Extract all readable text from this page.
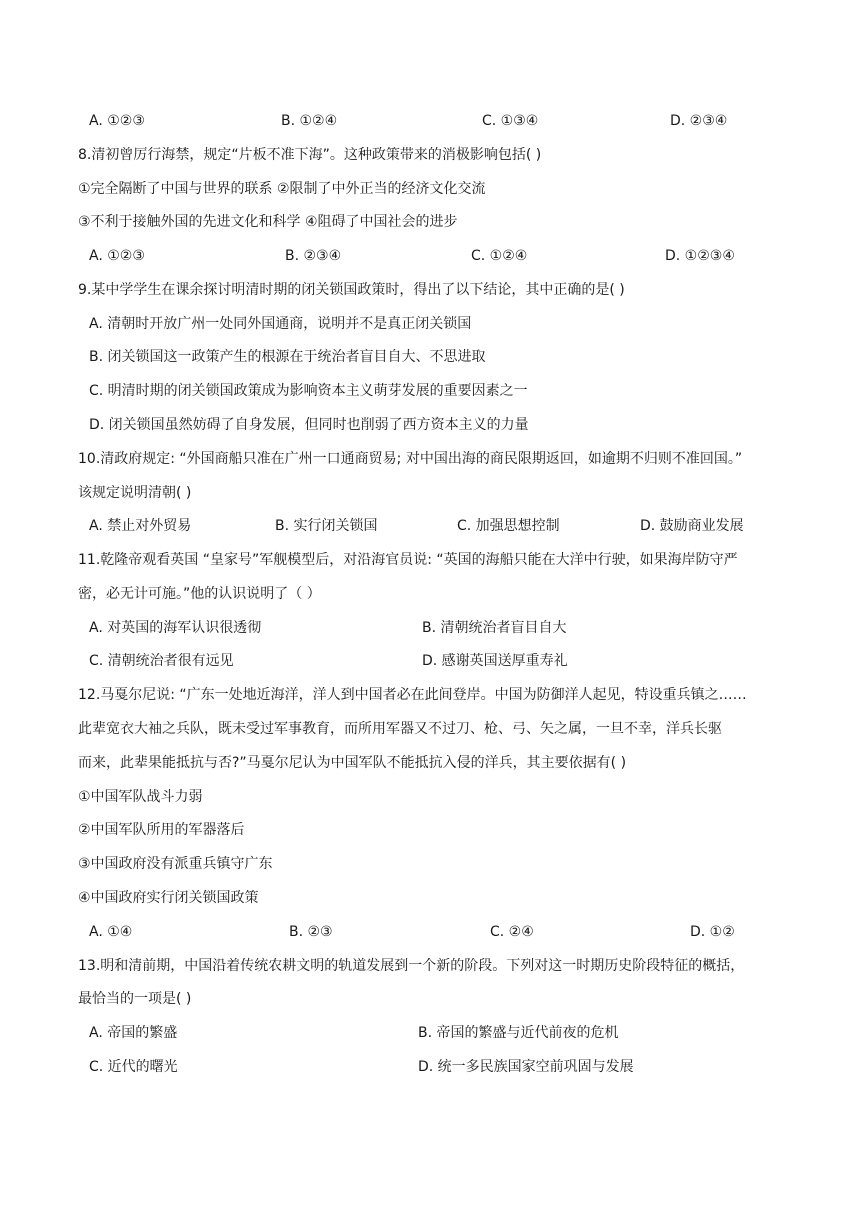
A. ①②③	B. ①②④	C. ①③④	D. ②③④
8.清初曾厉行海禁，规定“片板不准下海”。这种政策带来的消极影响包括( )
①完全隔断了中国与世界的联系 ②限制了中外正当的经济文化交流
③不利于接触外国的先进文化和科学 ④阻碍了中国社会的进步
A. ①②③	B. ②③④	C. ①②④	D. ①②③④
9.某中学学生在课余探讨明清时期的闭关锁国政策时，得出了以下结论，其中正确的是( )
A. 清朝时开放广州一处同外国通商，说明并不是真正闭关锁国
B. 闭关锁国这一政策产生的根源在于统治者盲目自大、不思进取
C. 明清时期的闭关锁国政策成为影响资本主义萌芽发展的重要因素之一
D. 闭关锁国虽然妨碍了自身发展，但同时也削弱了西方资本主义的力量
10.清政府规定: “外国商船只准在广州一口通商贸易; 对中国出海的商民限期返回，如逾期不归则不准回国。”
该规定说明清朝( )
A. 禁止对外贸易	B. 实行闭关锁国	C. 加强思想控制	D. 鼓励商业发展
11.乾隆帝观看英国 “皇家号”军舰模型后，对沿海官员说: “英国的海船只能在大洋中行驶，如果海岸防守严
密，必无计可施。”他的认识说明了（ ）
A. 对英国的海军认识很透彻	B. 清朝统治者盲目自大
C. 清朝统治者很有远见	D. 感谢英国送厚重寿礼
12.马戛尔尼说: “广东一处地近海洋，洋人到中国者必在此间登岸。中国为防御洋人起见，特设重兵镇之……
此辈宽衣大袖之兵队，既未受过军事教育，而所用军器又不过刀、枪、弓、矢之属，一旦不幸，洋兵长驱
而来，此辈果能抵抗与否?”马戛尔尼认为中国军队不能抵抗入侵的洋兵，其主要依据有( )
①中国军队战斗力弱
②中国军队所用的军器落后
③中国政府没有派重兵镇守广东
④中国政府实行闭关锁国政策
A. ①④	B. ②③	C. ②④	D. ①②
13.明和清前期，中国沿着传统农耕文明的轨道发展到一个新的阶段。下列对这一时期历史阶段特征的概括，
最恰当的一项是( )
A. 帝国的繁盛	B. 帝国的繁盛与近代前夜的危机
C. 近代的曙光	D. 统一多民族国家空前巩固与发展
